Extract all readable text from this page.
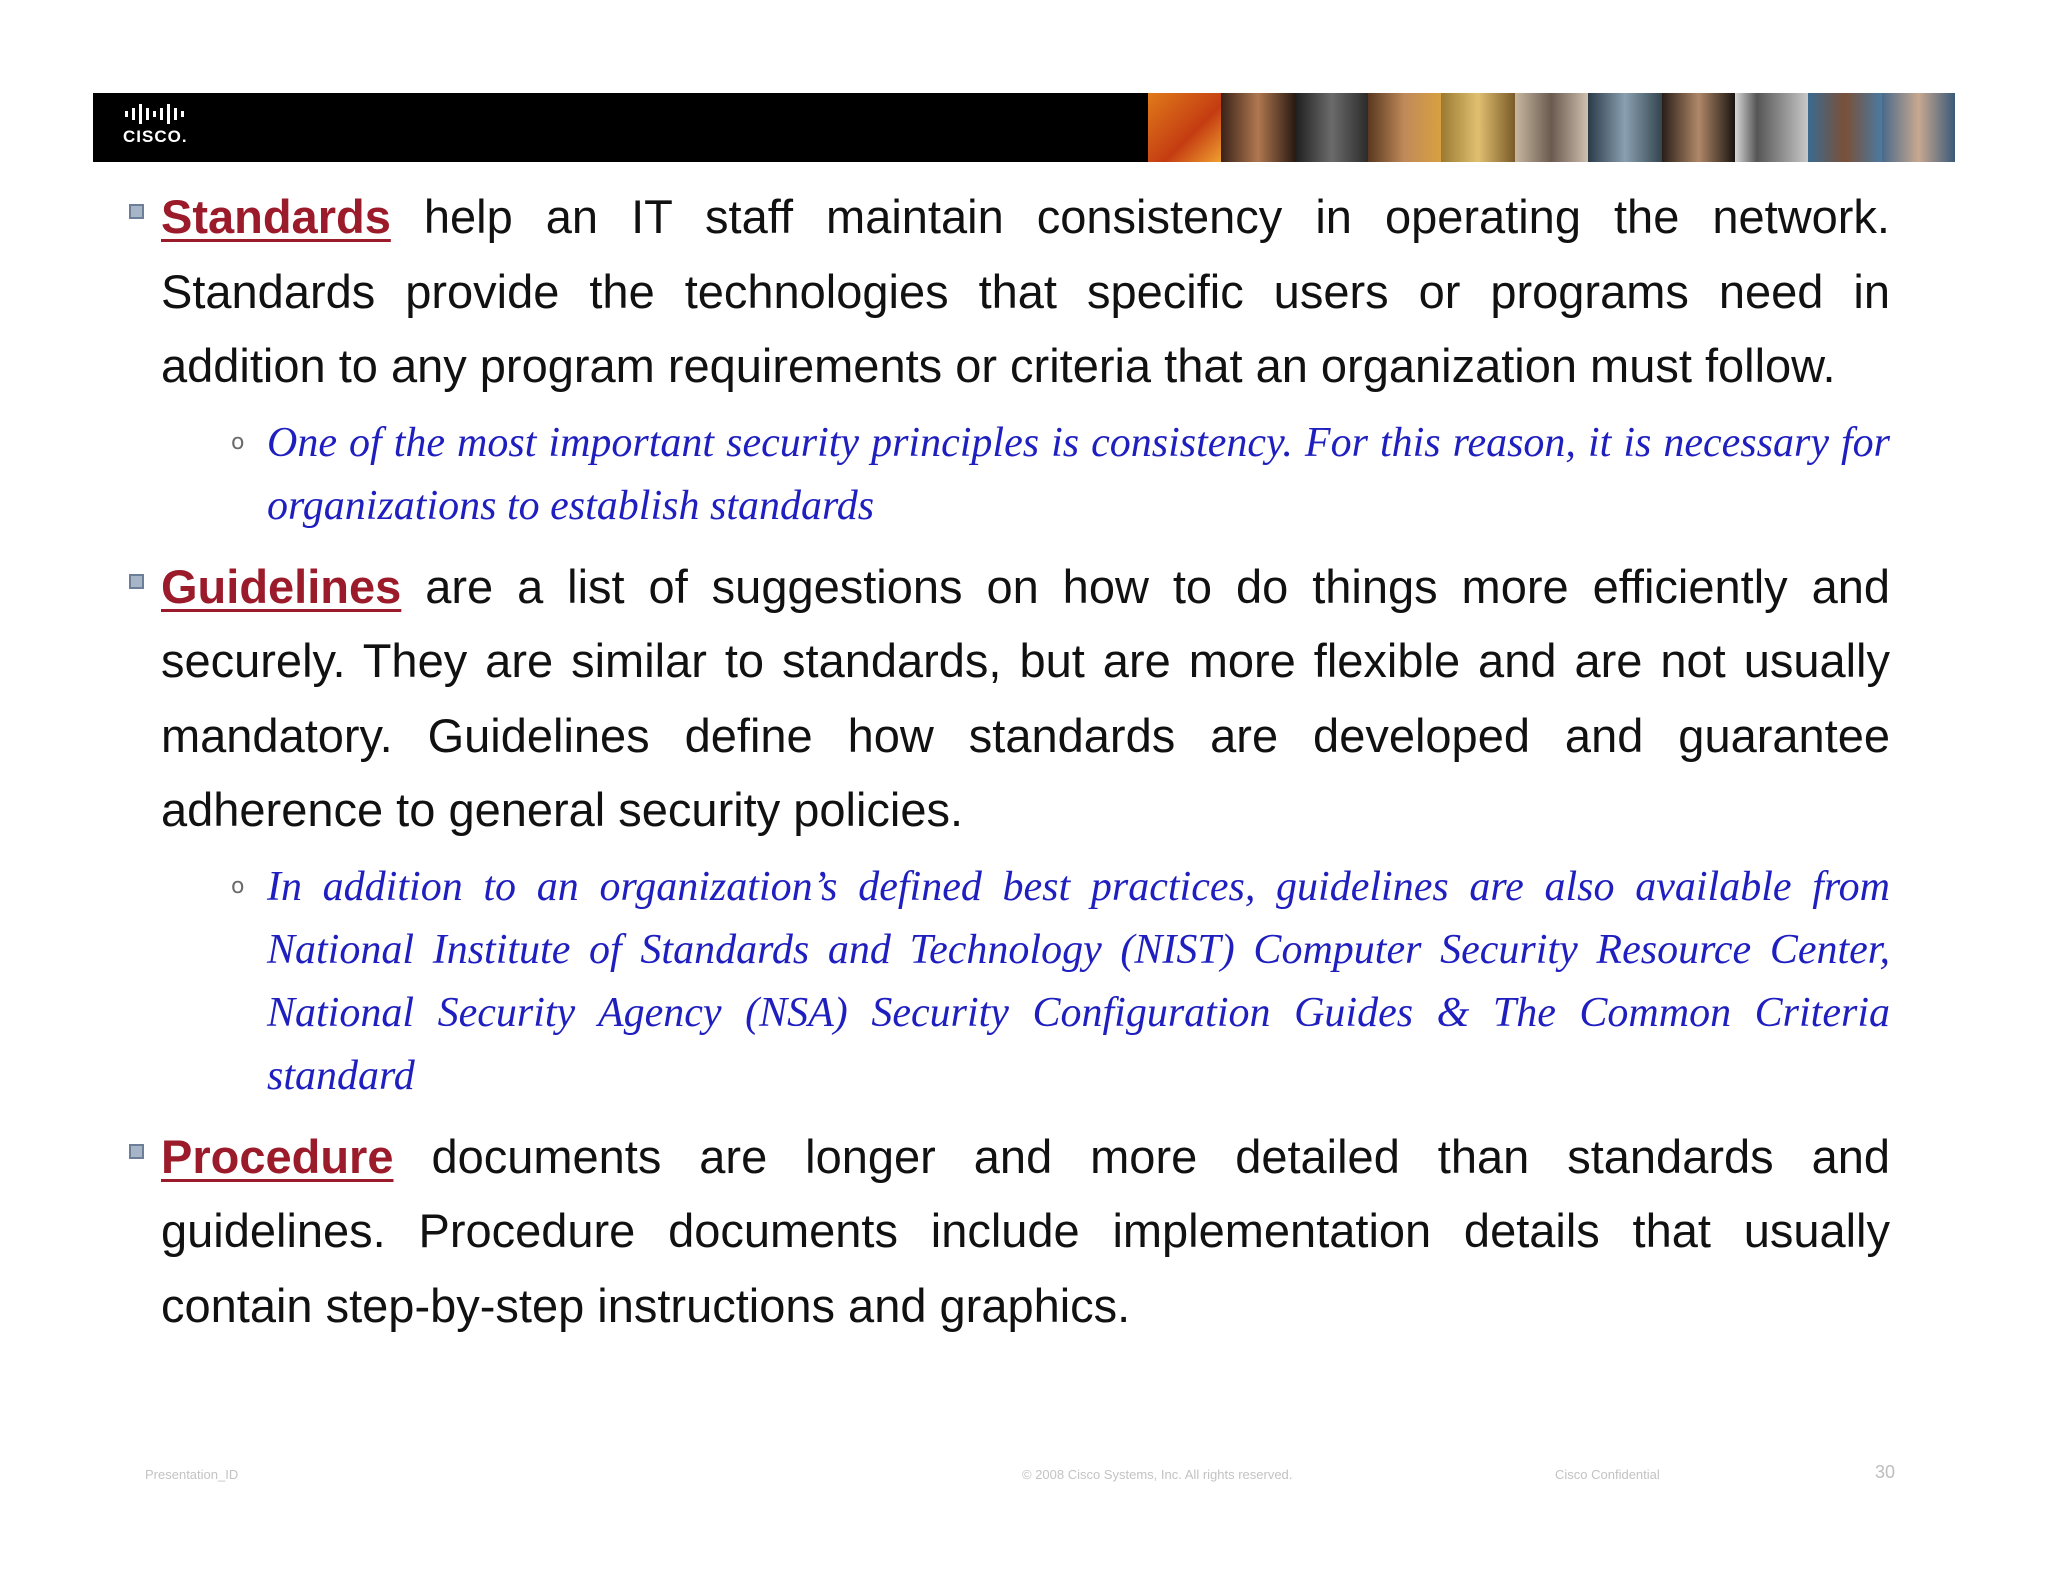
CISCO.

Standards help an IT staff maintain consistency in operating the network. Standards provide the technologies that specific users or programs need in addition to any program requirements or criteria that an organization must follow.

o One of the most important security principles is consistency. For this reason, it is necessary for organizations to establish standards

Guidelines are a list of suggestions on how to do things more efficiently and securely. They are similar to standards, but are more flexible and are not usually mandatory. Guidelines define how standards are developed and guarantee adherence to general security policies.

o In addition to an organization’s defined best practices, guidelines are also available from National Institute of Standards and Technology (NIST) Computer Security Resource Center, National Security Agency (NSA) Security Configuration Guides & The Common Criteria standard

Procedure documents are longer and more detailed than standards and guidelines. Procedure documents include implementation details that usually contain step-by-step instructions and graphics.

Presentation_ID	© 2008 Cisco Systems, Inc. All rights reserved.	Cisco Confidential	30
